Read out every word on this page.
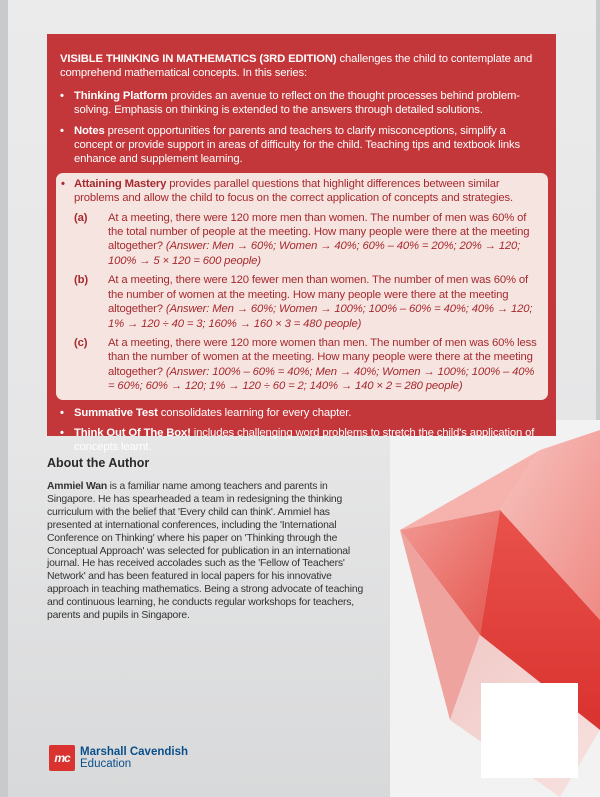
VISIBLE THINKING IN MATHEMATICS (3RD EDITION) challenges the child to contemplate and comprehend mathematical concepts. In this series:

• Thinking Platform provides an avenue to reflect on the thought processes behind problem-solving. Emphasis on thinking is extended to the answers through detailed solutions.

• Notes present opportunities for parents and teachers to clarify misconceptions, simplify a concept or provide support in areas of difficulty for the child. Teaching tips and textbook links enhance and supplement learning.

• Attaining Mastery provides parallel questions that highlight differences between similar problems and allow the child to focus on the correct application of concepts and strategies.
(a) At a meeting, there were 120 more men than women. The number of men was 60% of the total number of people at the meeting. How many people were there at the meeting altogether? (Answer: Men → 60%; Women → 40%; 60% – 40% = 20%; 20% → 120; 100% → 5 × 120 = 600 people)
(b) At a meeting, there were 120 fewer men than women. The number of men was 60% of the number of women at the meeting. How many people were there at the meeting altogether? (Answer: Men → 60%; Women → 100%; 100% – 60% = 40%; 40% → 120; 1% → 120 ÷ 40 = 3; 160% → 160 × 3 = 480 people)
(c) At a meeting, there were 120 more women than men. The number of men was 60% less than the number of women at the meeting. How many people were there at the meeting altogether? (Answer: 100% – 60% = 40%; Men → 40%; Women → 100%; 100% – 40% = 60%; 60% → 120; 1% → 120 ÷ 60 = 2; 140% → 140 × 2 = 280 people)

• Summative Test consolidates learning for every chapter.

• Think Out Of The Box! includes challenging word problems to stretch the child's application of concepts learnt.

About the Author
Ammiel Wan is a familiar name among teachers and parents in Singapore. He has spearheaded a team in redesigning the thinking curriculum with the belief that 'Every child can think'. Ammiel has presented at international conferences, including the 'International Conference on Thinking' where his paper on 'Thinking through the Conceptual Approach' was selected for publication in an international journal. He has received accolades such as the 'Fellow of Teachers' Network' and has been featured in local papers for his innovative approach in teaching mathematics. Being a strong advocate of teaching and continuous learning, he conducts regular workshops for teachers, parents and pupils in Singapore.
mc Marshall Cavendish
Education
